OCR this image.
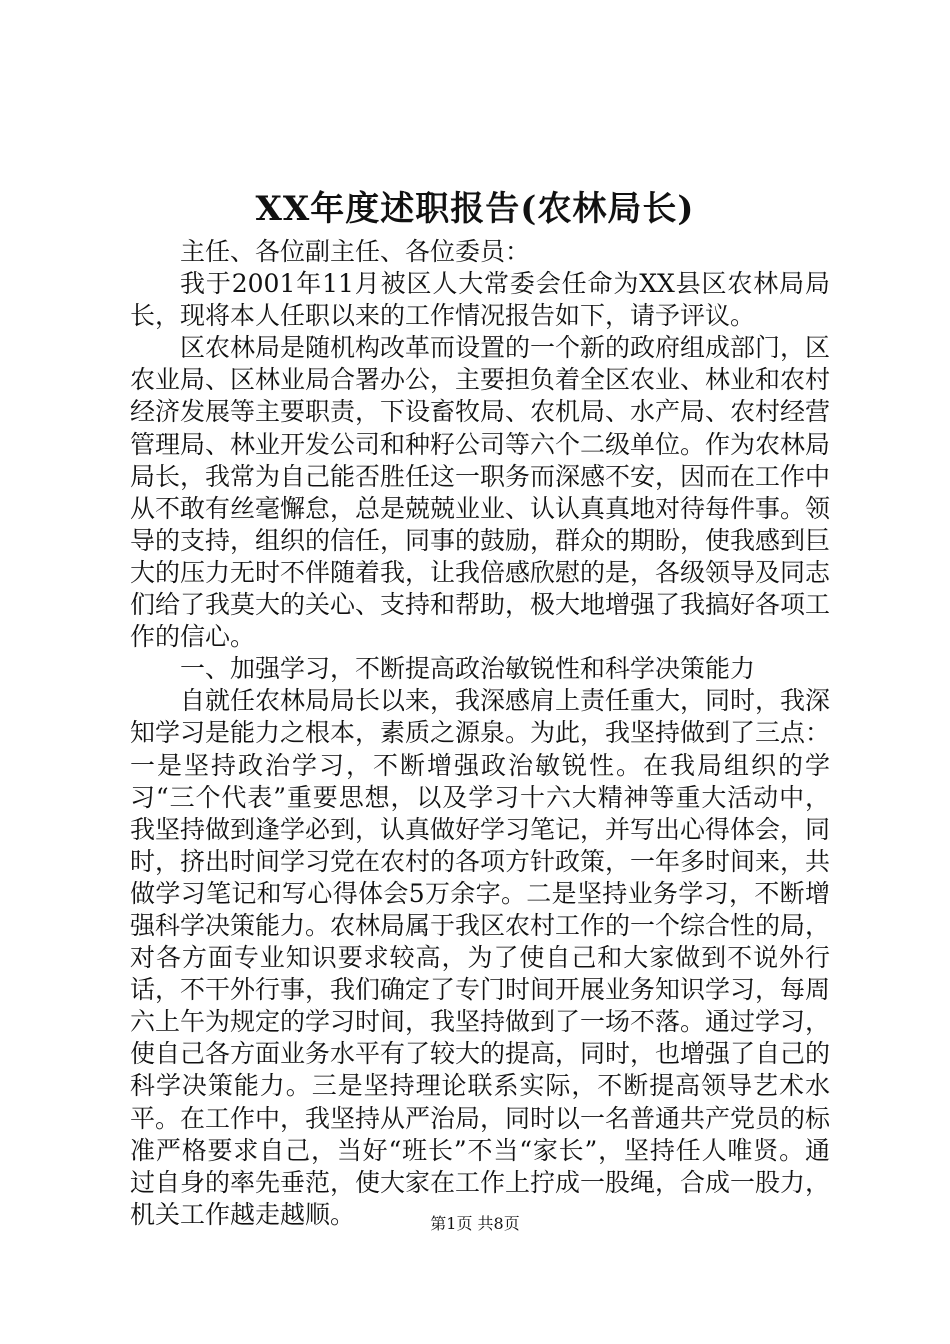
XX年度述职报告(农林局长)

主任、各位副主任、各位委员：

我于2001年11月被区人大常委会任命为XX县区农林局局长，现将本人任职以来的工作情况报告如下，请予评议。

区农林局是随机构改革而设置的一个新的政府组成部门，区农业局、区林业局合署办公，主要担负着全区农业、林业和农村经济发展等主要职责，下设畜牧局、农机局、水产局、农村经营管理局、林业开发公司和种籽公司等六个二级单位。作为农林局局长，我常为自己能否胜任这一职务而深感不安，因而在工作中从不敢有丝毫懈怠，总是兢兢业业、认认真真地对待每件事。领导的支持，组织的信任，同事的鼓励，群众的期盼，使我感到巨大的压力无时不伴随着我，让我倍感欣慰的是，各级领导及同志们给了我莫大的关心、支持和帮助，极大地增强了我搞好各项工作的信心。

一、加强学习，不断提高政治敏锐性和科学决策能力

自就任农林局局长以来，我深感肩上责任重大，同时，我深知学习是能力之根本，素质之源泉。为此，我坚持做到了三点：一是坚持政治学习，不断增强政治敏锐性。在我局组织的学习“三个代表”重要思想，以及学习十六大精神等重大活动中，我坚持做到逢学必到，认真做好学习笔记，并写出心得体会，同时，挤出时间学习党在农村的各项方针政策，一年多时间来，共做学习笔记和写心得体会5万余字。二是坚持业务学习，不断增强科学决策能力。农林局属于我区农村工作的一个综合性的局，对各方面专业知识要求较高，为了使自己和大家做到不说外行话，不干外行事，我们确定了专门时间开展业务知识学习，每周六上午为规定的学习时间，我坚持做到了一场不落。通过学习，使自己各方面业务水平有了较大的提高，同时，也增强了自己的科学决策能力。三是坚持理论联系实际，不断提高领导艺术水平。在工作中，我坚持从严治局，同时以一名普通共产党员的标准严格要求自己，当好“班长”不当“家长”，坚持任人唯贤。通过自身的率先垂范，使大家在工作上拧成一股绳，合成一股力，机关工作越走越顺。	第1页 共8页
